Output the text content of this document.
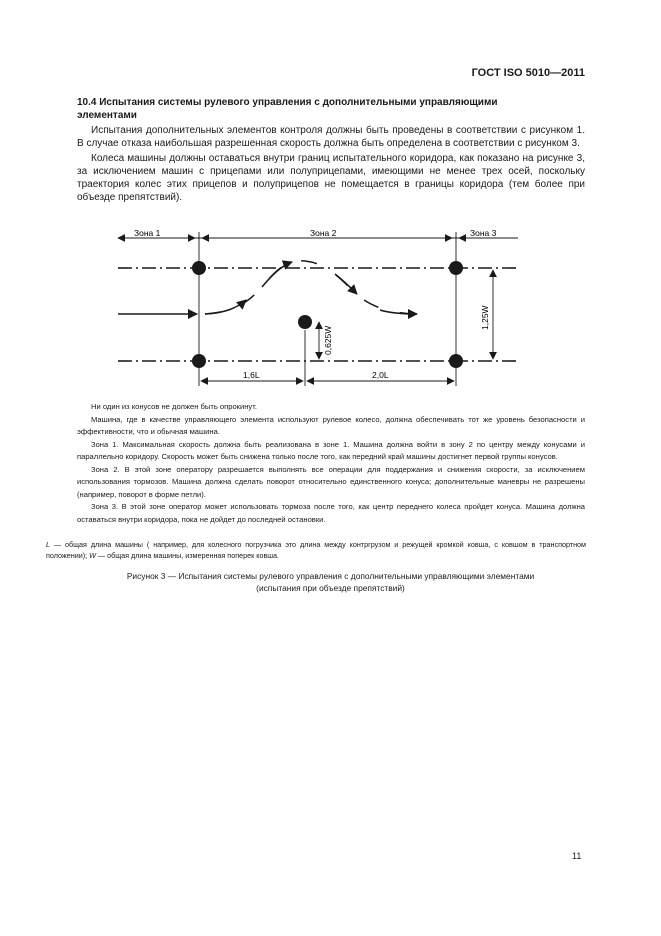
ГОСТ ISO 5010—2011
10.4 Испытания системы рулевого управления с дополнительными управляющими
элементами

Испытания дополнительных элементов контроля должны быть проведены в соответствии с рисунком 1. В случае отказа наибольшая разрешенная скорость должна быть определена в соответствии с рисунком 3.

Колеса машины должны оставаться внутри границ испытательного коридора, как показано на рисунке 3, за исключением машин с прицепами или полуприцепами, имеющими не менее трех осей, поскольку траектория колес этих прицепов и полуприцепов не помещается в границы коридора (тем более при объезде препятствий).

Зона 1	Зона 2	Зона 3
1,25W
0,625W
1,6L	2,0L

Ни один из конусов не должен быть опрокинут.

Машина, где в качестве управляющего элемента используют рулевое колесо, должна обеспечивать тот же уровень безопасности и эффективности, что и обычная машина.

Зона 1. Максимальная скорость должна быть реализована в зоне 1. Машина должна войти в зону 2 по центру между конусами и параллельно коридору. Скорость может быть снижена только после того, как передний край машины достигнет первой группы конусов.

Зона 2. В этой зоне оператору разрешается выполнять все операции для поддержания и снижения скорости, за исключением использования тормозов. Машина должна сделать поворот относительно единственного конуса; дополнительные маневры не разрешены (например, поворот в форме петли).

Зона 3. В этой зоне оператор может использовать тормоза после того, как центр переднего колеса пройдет конуса. Машина должна оставаться внутри коридора, пока не дойдет до последней остановки.

L — общая длина машины ( например, для колесного погрузчика это длина между контргрузом и режущей кромкой ковша, с ковшом в транспортном положении); W — общая длина машины, измеренная поперек ковша.
Рисунок 3 — Испытания системы рулевого управления с дополнительными управляющими элементами
(испытания при объезде препятствий)
11
